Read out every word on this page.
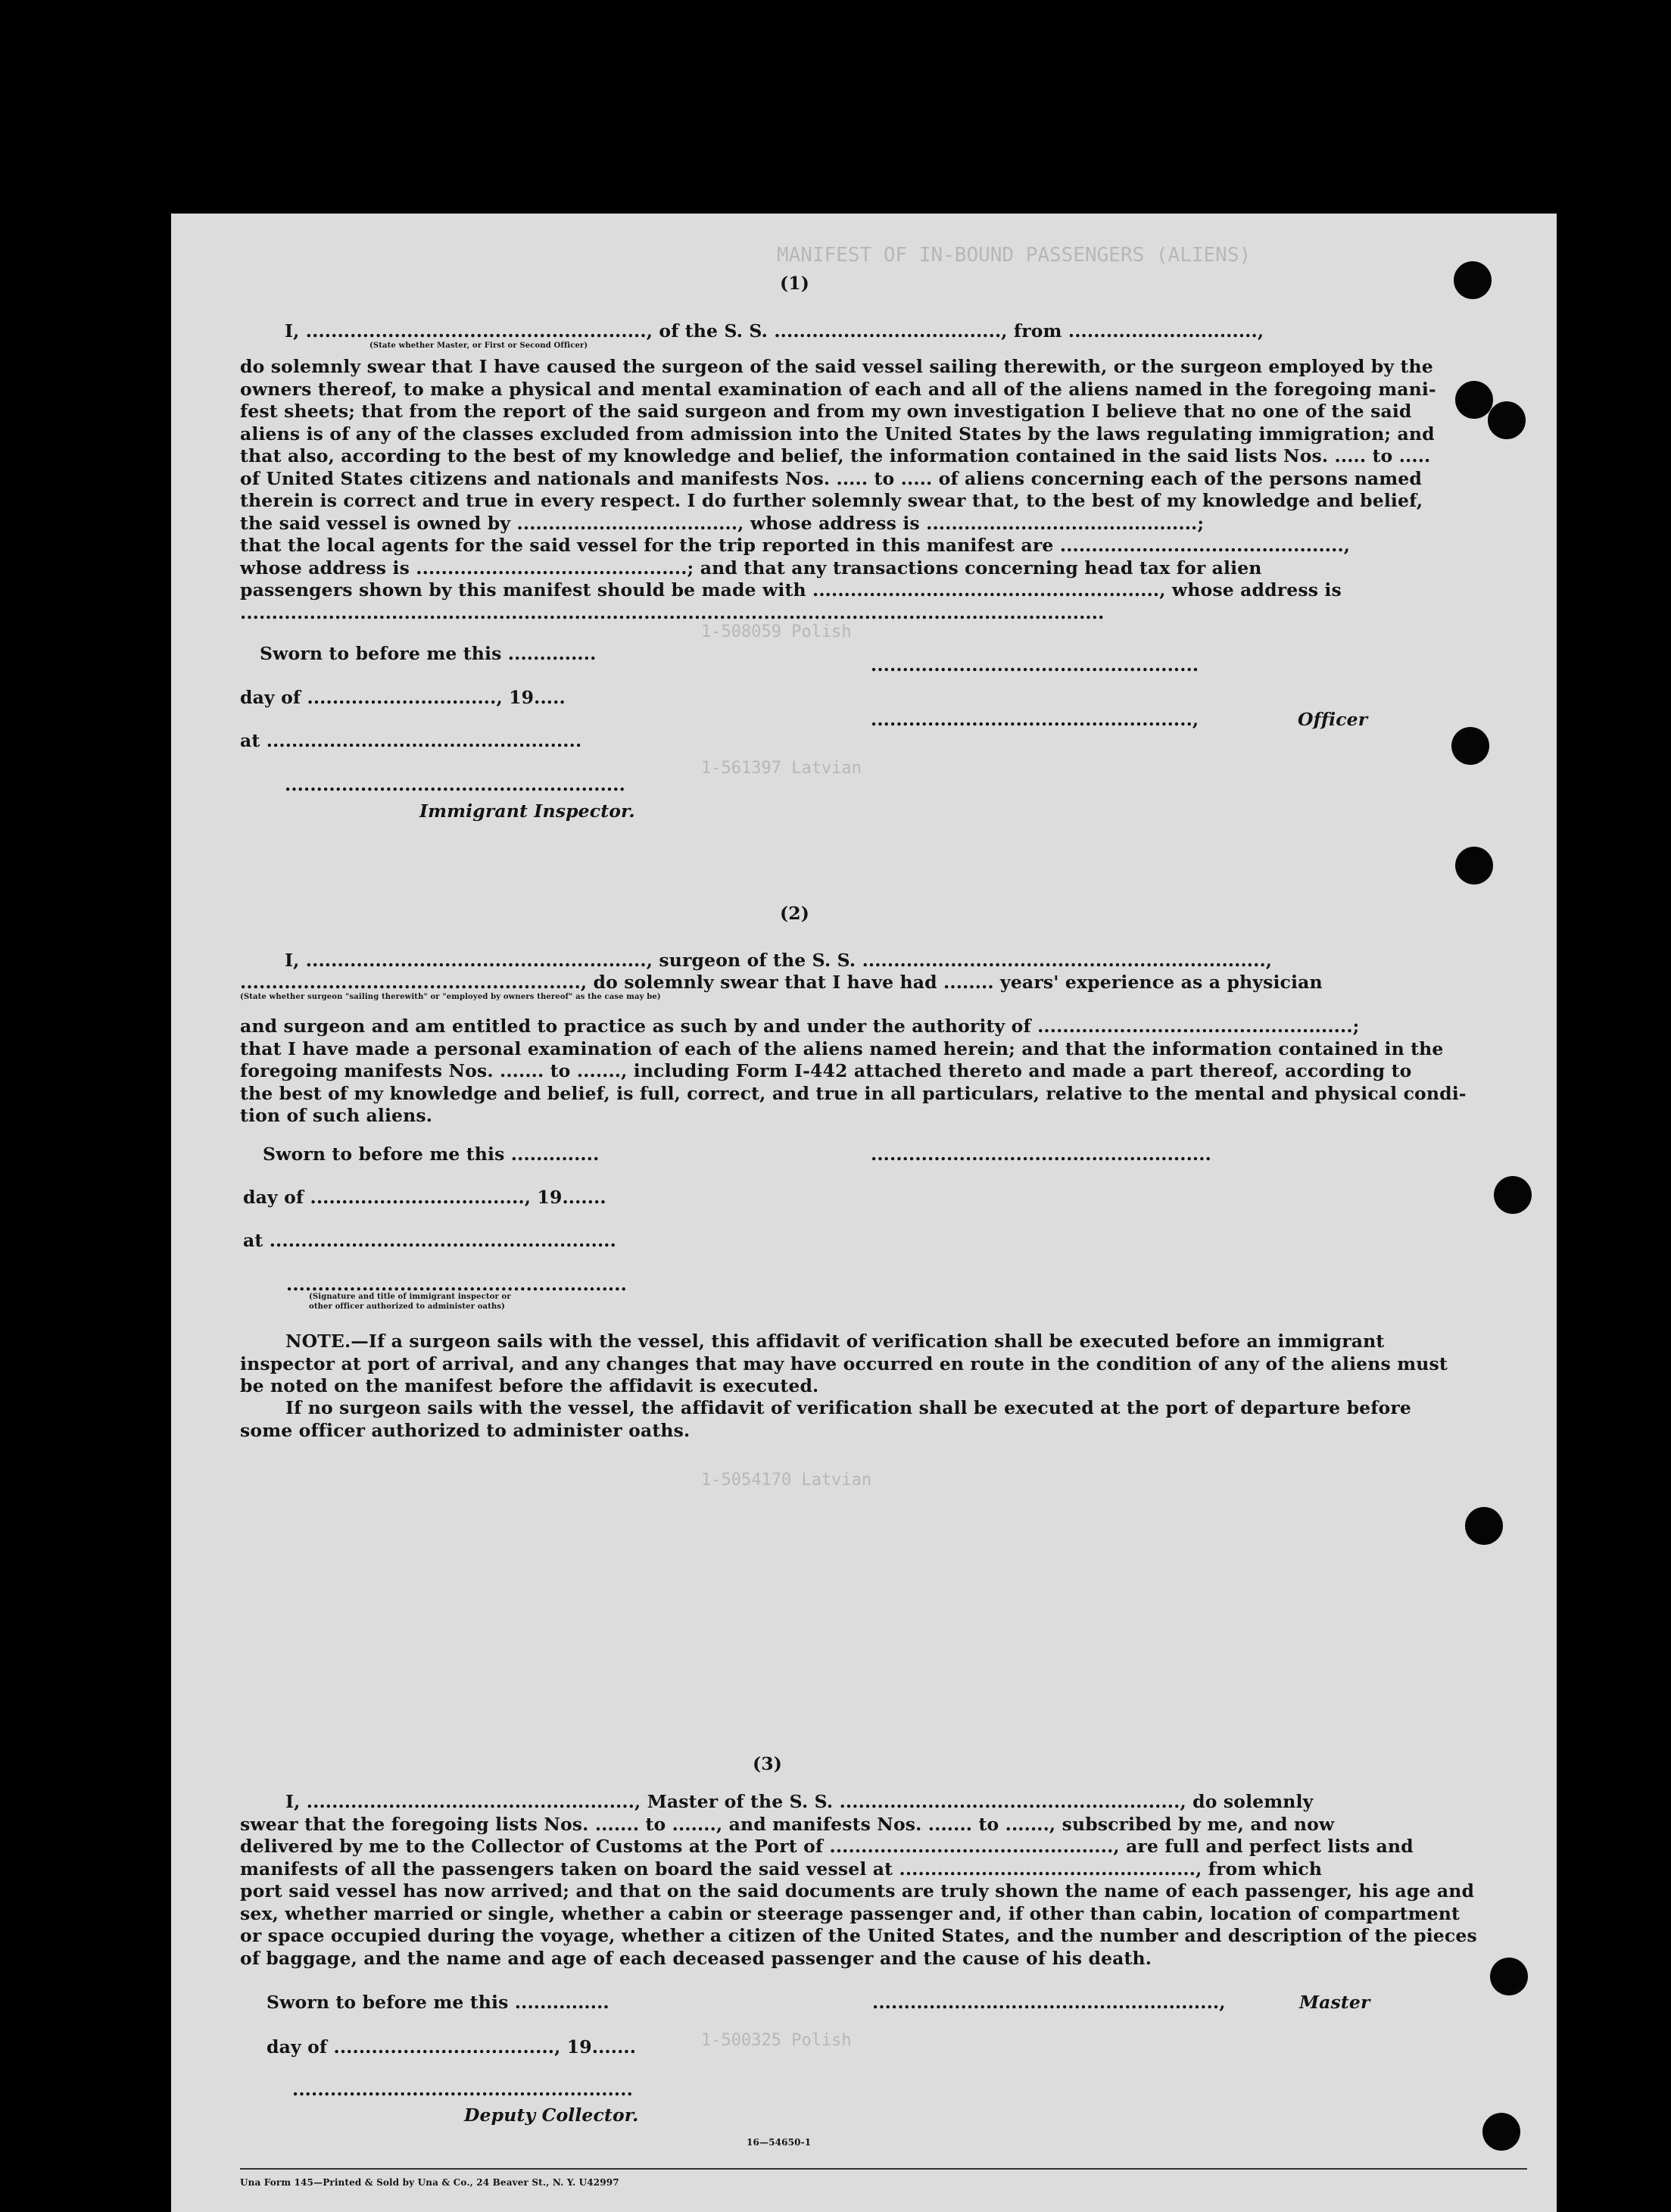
MANIFEST OF IN-BOUND PASSENGERS (ALIENS)
1-508059 Polish
1-561397 Latvian
1-5054170 Latvian
1-500325 Polish
(1)
I, ......................................................, of the S. S. ...................................., from ..............................,
(State whether Master, or First or Second Officer)
do solemnly swear that I have caused the surgeon of the said vessel sailing therewith, or the surgeon employed by the
owners thereof, to make a physical and mental examination of each and all of the aliens named in the foregoing mani-
fest sheets; that from the report of the said surgeon and from my own investigation I believe that no one of the said
aliens is of any of the classes excluded from admission into the United States by the laws regulating immigration; and
that also, according to the best of my knowledge and belief, the information contained in the said lists Nos. ..... to .....
of United States citizens and nationals and manifests Nos. ..... to ..... of aliens concerning each of the persons named
therein is correct and true in every respect. I do further solemnly swear that, to the best of my knowledge and belief,
the said vessel is owned by ..................................., whose address is ...........................................;
that the local agents for the said vessel for the trip reported in this manifest are .............................................,
whose address is ...........................................; and that any transactions concerning head tax for alien
passengers shown by this manifest should be made with ......................................................., whose address is
.........................................................................................................................................
Sworn to before me this ..............
day of .............................., 19.....
at ..................................................
......................................................
Immigrant Inspector.
....................................................
...................................................,	Officer
(2)
I, ......................................................, surgeon of the S. S. ................................................................,
......................................................, do solemnly swear that I have had ........ years' experience as a physician
(State whether surgeon "sailing therewith" or "employed by owners thereof" as the case may be)
and surgeon and am entitled to practice as such by and under the authority of ..................................................;
that I have made a personal examination of each of the aliens named herein; and that the information contained in the
foregoing manifests Nos. ....... to ......., including Form I-442 attached thereto and made a part thereof, according to
the best of my knowledge and belief, is full, correct, and true in all particulars, relative to the mental and physical condi-
tion of such aliens.
Sworn to before me this ..............
day of .................................., 19.......
at .......................................................
......................................................
(Signature and title of immigrant inspector or
other officer authorized to administer oaths)
......................................................
NOTE.—If a surgeon sails with the vessel, this affidavit of verification shall be executed before an immigrant
inspector at port of arrival, and any changes that may have occurred en route in the condition of any of the aliens must
be noted on the manifest before the affidavit is executed.
If no surgeon sails with the vessel, the affidavit of verification shall be executed at the port of departure before
some officer authorized to administer oaths.
(3)
I, ...................................................., Master of the S. S. ......................................................, do solemnly
swear that the foregoing lists Nos. ....... to ......., and manifests Nos. ....... to ......., subscribed by me, and now
delivered by me to the Collector of Customs at the Port of ............................................., are full and perfect lists and
manifests of all the passengers taken on board the said vessel at ..............................................., from which
port said vessel has now arrived; and that on the said documents are truly shown the name of each passenger, his age and
sex, whether married or single, whether a cabin or steerage passenger and, if other than cabin, location of compartment
or space occupied during the voyage, whether a citizen of the United States, and the number and description of the pieces
of baggage, and the name and age of each deceased passenger and the cause of his death.
Sworn to before me this ...............
day of ..................................., 19.......
......................................................
Deputy Collector.
.......................................................,	Master
16—54650-1
Una Form 145—Printed & Sold by Una & Co., 24 Beaver St., N. Y. U42997
